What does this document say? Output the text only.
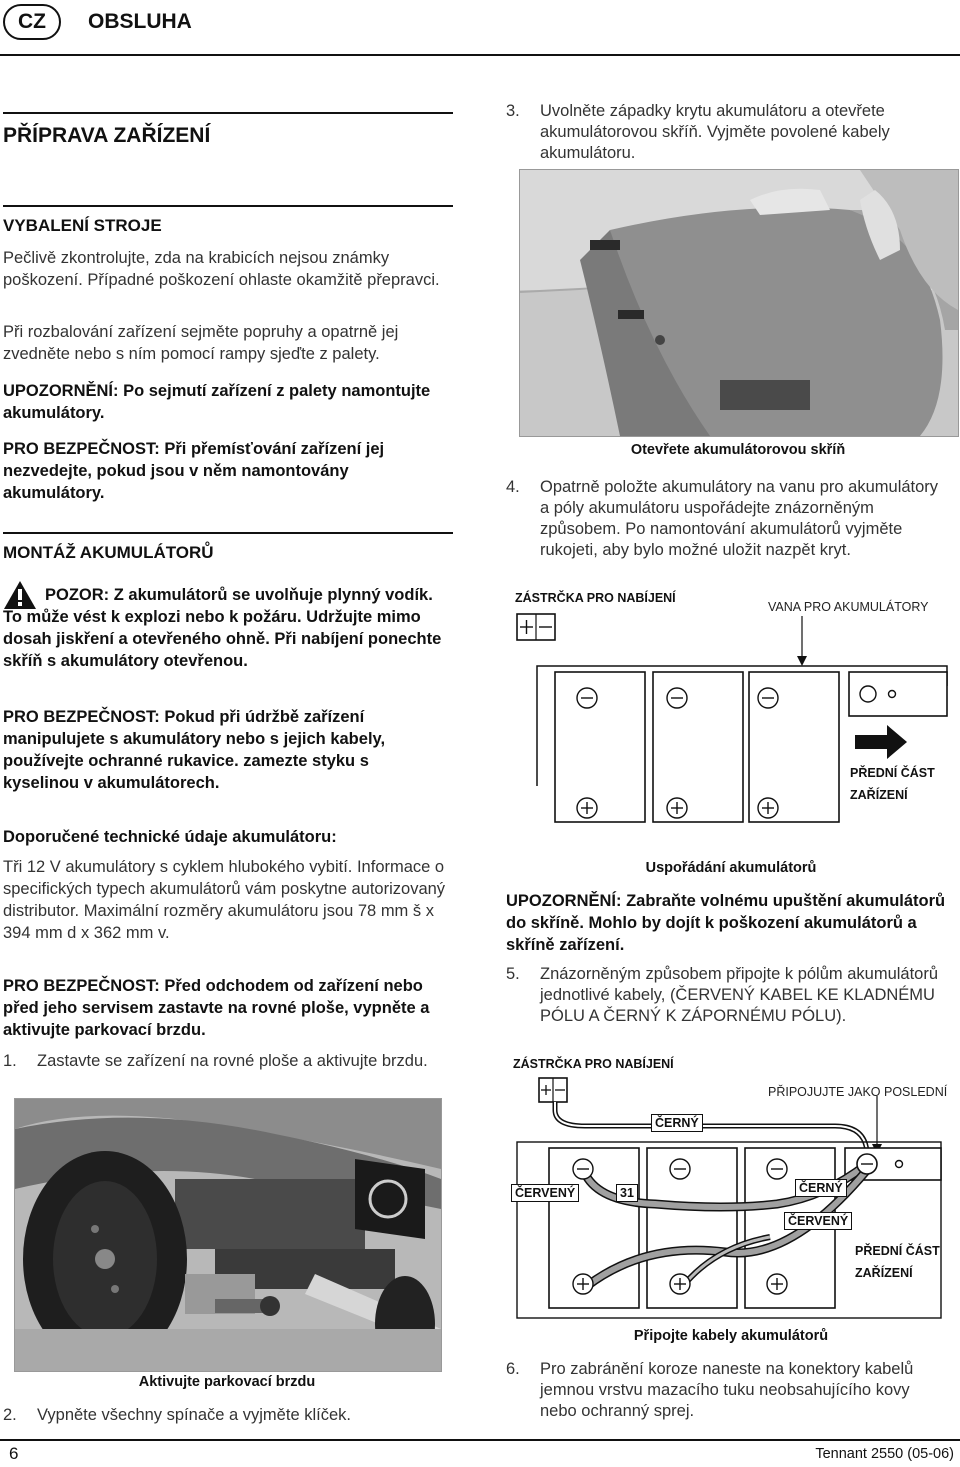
CZ	OBSLUHA
PŘÍPRAVA ZAŘÍZENÍ
VYBALENÍ STROJE
Pečlivě zkontrolujte, zda na krabicích nejsou známky poškození. Případné poškození ohlaste okamžitě přepravci.
Při rozbalování zařízení sejměte popruhy a opatrně jej zvedněte nebo s ním pomocí rampy sjeďte z palety.
UPOZORNĚNÍ: Po sejmutí zařízení z palety namontujte akumulátory.
PRO BEZPEČNOST: Při přemísťování zařízení jej nezvedejte, pokud jsou v něm namontovány akumulátory.
MONTÁŽ AKUMULÁTORŮ
POZOR: Z akumulátorů se uvolňuje plynný vodík. To může vést k explozi nebo k požáru. Udržujte mimo dosah jiskření a otevřeného ohně. Při nabíjení ponechte skříň s akumulátory otevřenou.
PRO BEZPEČNOST: Pokud při údržbě zařízení manipulujete s akumulátory nebo s jejich kabely, používejte ochranné rukavice. zamezte styku s kyselinou v akumulátorech.
Doporučené technické údaje akumulátoru:
Tři 12 V akumulátory s cyklem hlubokého vybití. Informace o specifických typech akumulátorů vám poskytne autorizovaný distributor. Maximální rozměry akumulátoru jsou 78 mm š x 394 mm d x 362 mm v.
PRO BEZPEČNOST: Před odchodem od zařízení nebo před jeho servisem zastavte na rovné ploše, vypněte a aktivujte parkovací brzdu.
1. Zastavte se zařízení na rovné ploše a aktivujte brzdu.
Aktivujte parkovací brzdu
2. Vypněte všechny spínače a vyjměte klíček.
3. Uvolněte západky krytu akumulátoru a otevřete akumulátorovou skříň. Vyjměte povolené kabely akumulátoru.
Otevřete akumulátorovou skříň
4. Opatrně položte akumulátory na vanu pro akumulátory a póly akumulátoru uspořádejte znázorněným způsobem. Po namontování akumulátorů vyjměte rukojeti, aby bylo možné uložit nazpět kryt.
ZÁSTRČKA PRO NABÍJENÍ
VANA PRO AKUMULÁTORY
PŘEDNÍ ČÁST
ZAŘÍZENÍ
Uspořádání akumulátorů
UPOZORNĚNÍ: Zabraňte volnému upuštění akumulátorů do skříně. Mohlo by dojít k poškození akumulátorů a skříně zařízení.
5. Znázorněným způsobem připojte k pólům akumulátorů jednotlivé kabely, (ČERVENÝ KABEL KE KLADNÉMU PÓLU A ČERNÝ K ZÁPORNÉMU PÓLU).
ZÁSTRČKA PRO NABÍJENÍ
PŘIPOJUJTE JAKO POSLEDNÍ
ČERNÝ
ČERVENÝ	31	ČERNÝ
ČERVENÝ
PŘEDNÍ ČÁST
ZAŘÍZENÍ
Připojte kabely akumulátorů
6. Pro zabránění koroze naneste na konektory kabelů jemnou vrstvu mazacího tuku neobsahujícího kovy nebo ochranný sprej.
6	Tennant 2550 (05-06)
